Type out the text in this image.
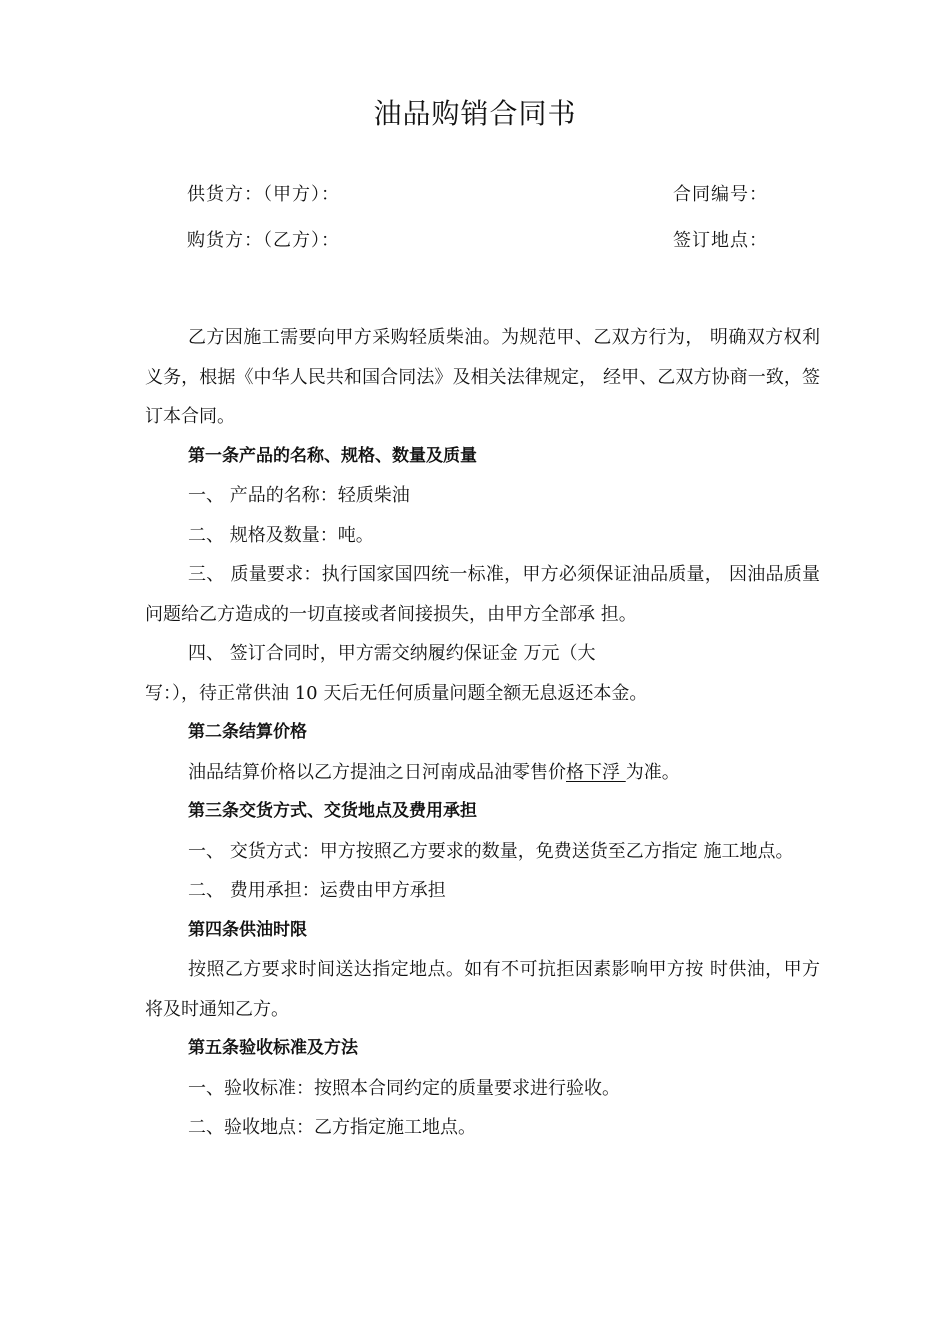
油品购销合同书
供货方：（甲方）：	合同编号：
购货方：（乙方）：	签订地点：

乙方因施工需要向甲方采购轻质柴油。为规范甲、乙双方行为， 明确双方权利义务，根据《中华人民共和国合同法》及相关法律规定， 经甲、乙双方协商一致，签订本合同。

第一条产品的名称、规格、数量及质量

一、 产品的名称：轻质柴油

二、 规格及数量：吨。

三、 质量要求：执行国家国四统一标准，甲方必须保证油品质量， 因油品质量问题给乙方造成的一切直接或者间接损失，由甲方全部承 担。

四、 签订合同时，甲方需交纳履约保证金 万元（大

写：），待正常供油 10 天后无任何质量问题全额无息返还本金。

第二条结算价格

油品结算价格以乙方提油之日河南成品油零售价格下浮 为准。

第三条交货方式、交货地点及费用承担

一、 交货方式：甲方按照乙方要求的数量，免费送货至乙方指定 施工地点。

二、 费用承担：运费由甲方承担

第四条供油时限

按照乙方要求时间送达指定地点。如有不可抗拒因素影响甲方按 时供油，甲方将及时通知乙方。

第五条验收标准及方法

一、验收标准：按照本合同约定的质量要求进行验收。

二、验收地点：乙方指定施工地点。
